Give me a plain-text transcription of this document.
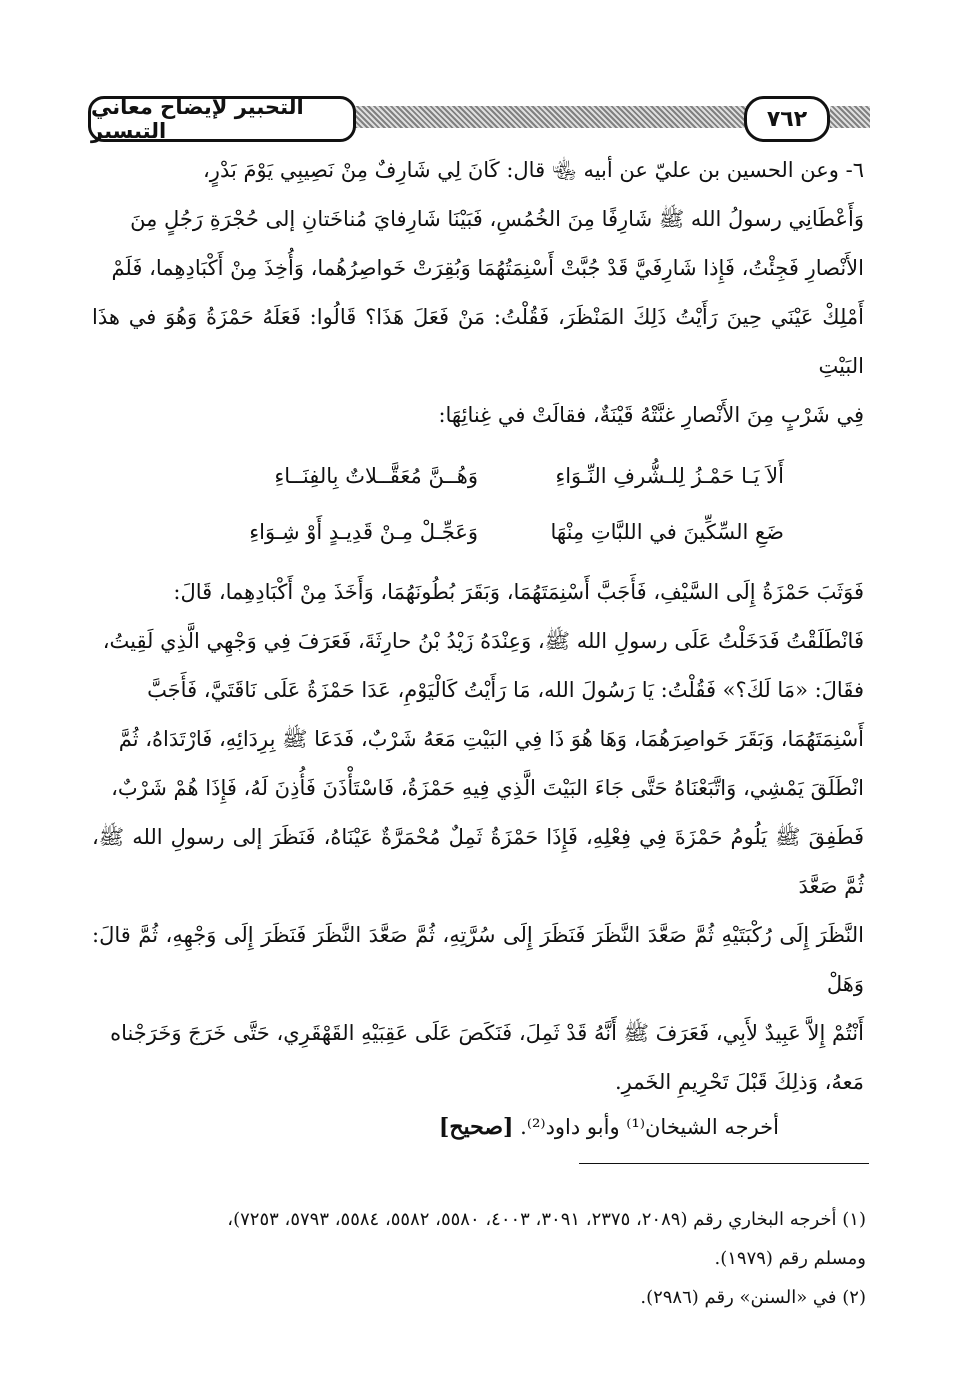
التحبير لإيضاح معاني التيسير	٧٦٢

٦- وعن الحسين بن عليّ عن أبيه ﵄ قال: كَانَ لِي شَارِفٌ مِنْ نَصِيبِي يَوْمَ بَدْرٍ،

وَأَعْطَانِي رسولُ الله ﷺ شَارِفًا مِنَ الخُمُسِ، فَبَيْنَا شَارِفايَ مُناخَتانِ إلى حُجْرَةِ رَجُلٍ مِنَ

الأَنْصارِ فَجِئْتُ، فَإِذا شَارِفَيَّ قَدْ جُبَّتْ أَسْنِمَتُهُمَا وَبُقِرَتْ خَواصِرُهُما، وَأُخِذَ مِنْ أَكْبَادِهِما، فَلَمْ

أَمْلِكْ عَيْنَي حِينَ رَأَيْتُ ذَلِكَ المَنْظَرَ، فَقُلْتُ: مَنْ فَعَلَ هَذَا؟ قَالُوا: فَعَلَهُ حَمْزَةُ وَهُوَ في هذَا البَيْتِ

فِي شَرْبٍ مِنَ الأَنْصارِ غنَّتْهُ قَيْنَةٌ، فقالَتْ في غِنائِهَا:

أَلاَ يَـا حَمْـزُ لِلـشُّرفِ النِّـوَاءِ
وَهُــنَّ مُعَقَّــلاتٌ بِالفِنَــاءِ
ضَعِ السِّكِّينَ في اللبَّاتِ مِنْهَا
وَعَجِّـلْ مِـنْ قَدِيـدٍ أَوْ شِـوَاءِ

فَوَثَبَ حَمْزَةُ إِلَى السَّيْفِ، فَأَجَبَّ أَسْنِمَتَهُمَا، وَبَقَرَ بُطُونَهُمَا، وَأَخَذَ مِنْ أَكْبَادِهِما، قَالَ:

فَانْطَلَقْتُ فَدَخَلْتُ عَلَى رسولِ الله ﷺ، وَعِنْدَهُ زَيْدُ بْنُ حارِثَةَ، فَعَرَفَ فِي وَجْهِي الَّذِي لَقِيتُ،

فقَالَ: «مَا لَكَ؟» فَقُلْتُ: يَا رَسُولَ الله، مَا رَأَيْتُ كَالْيَوْمِ، عَدَا حَمْزَةُ عَلَى نَاقَتَيَّ، فَأَجَبَّ

أَسْنِمَتَهُمَا، وَبَقَرَ خَواصِرَهُمَا، وَهَا هُوَ ذَا فِي البَيْتِ مَعَهُ شَرْبٌ، فَدَعَا ﷺ بِرِدَائِهِ، فَارْتَدَاهُ، ثُمَّ

انْطَلَقَ يَمْشِي، وَاتَّبَعْنَاهُ حَتَّى جَاءَ البَيْتَ الَّذِي فِيهِ حَمْزَةُ، فَاسْتَأْذَنَ فَأُذِنَ لَهُ، فَإِذَا هُمْ شَرْبٌ،

فَطَفِقَ ﷺ يَلُومُ حَمْزَةَ فِي فِعْلِهِ، فَإِذَا حَمْزَةُ ثَمِلٌ مُحْمَرَّةٌ عَيْنَاهُ، فَنَظَرَ إلى رسولِ الله ﷺ، ثُمَّ صَعَّدَ

النَّظَرَ إِلَى رُكْبَتَيْهِ ثُمَّ صَعَّدَ النَّظَرَ فَنَظَرَ إِلَى سُرَّتِهِ، ثُمَّ صَعَّدَ النَّظَرَ فَنَظَرَ إِلَى وَجْهِهِ، ثُمَّ قالَ: وَهَلْ

أَنْتُمْ إِلاَّ عَبِيدٌ لأَبِي، فَعَرَفَ ﷺ أَنَّهُ قَدْ ثَمِلَ، فَنَكَصَ عَلَى عَقِبَيْهِ القَهْقَرِي، حَتَّى خَرَجَ وَخَرَجْناه

مَعهُ، وَذلِكَ قَبْلَ تَحْرِيمِ الخَمرِ.

أخرجه الشيخان⁽¹⁾ وأبو داود⁽²⁾. [صحيح]

(١) أخرجه البخاري رقم (٢٠٨٩، ٢٣٧٥، ٣٠٩١، ٤٠٠٣، ٥٥٨٠، ٥٥٨٢، ٥٥٨٤، ٥٧٩٣، ٧٢٥٣)،

ومسلم رقم (١٩٧٩).

(٢) في «السنن» رقم (٢٩٨٦).
